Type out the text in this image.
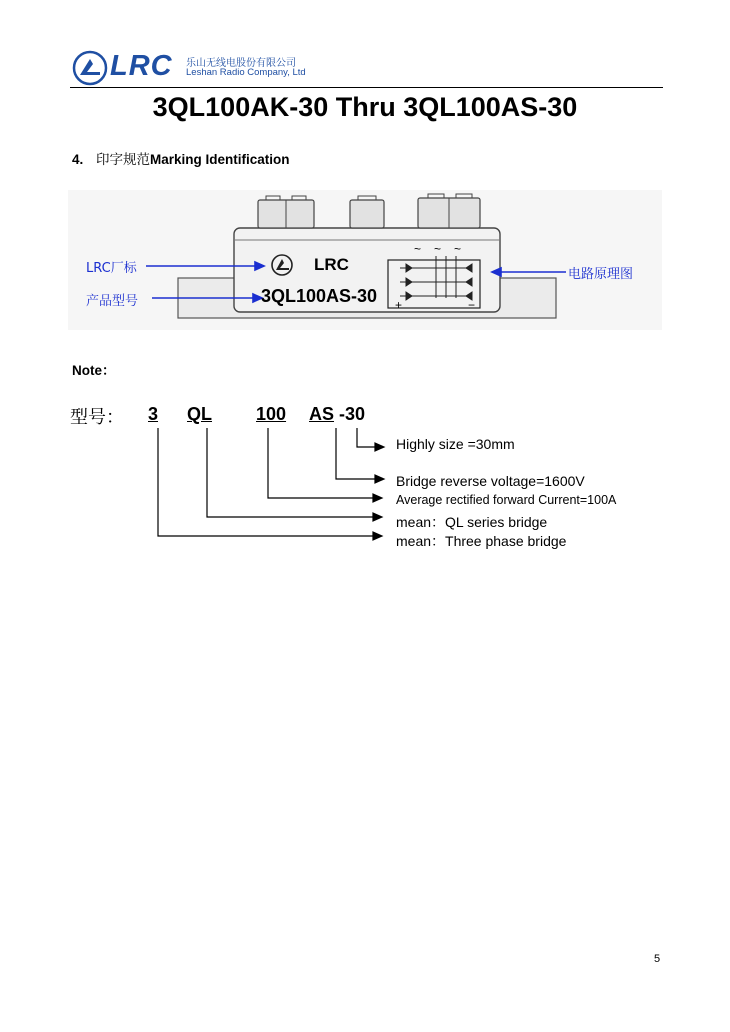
LRC 乐山无线电股份有限公司
Leshan Radio Company, Ltd
3QL100AK-30 Thru 3QL100AS-30
4. 印字规范Marking Identification
LRC厂标
产品型号
电路原理图
LRC
3QL100AS-30
~ ~ ~
+	−
Note：
型号： 3 QL 100 AS -30
Highly size =30mm
Bridge reverse voltage=1600V
Average rectified forward Current=100A
mean：QL series bridge
mean：Three phase bridge
5
